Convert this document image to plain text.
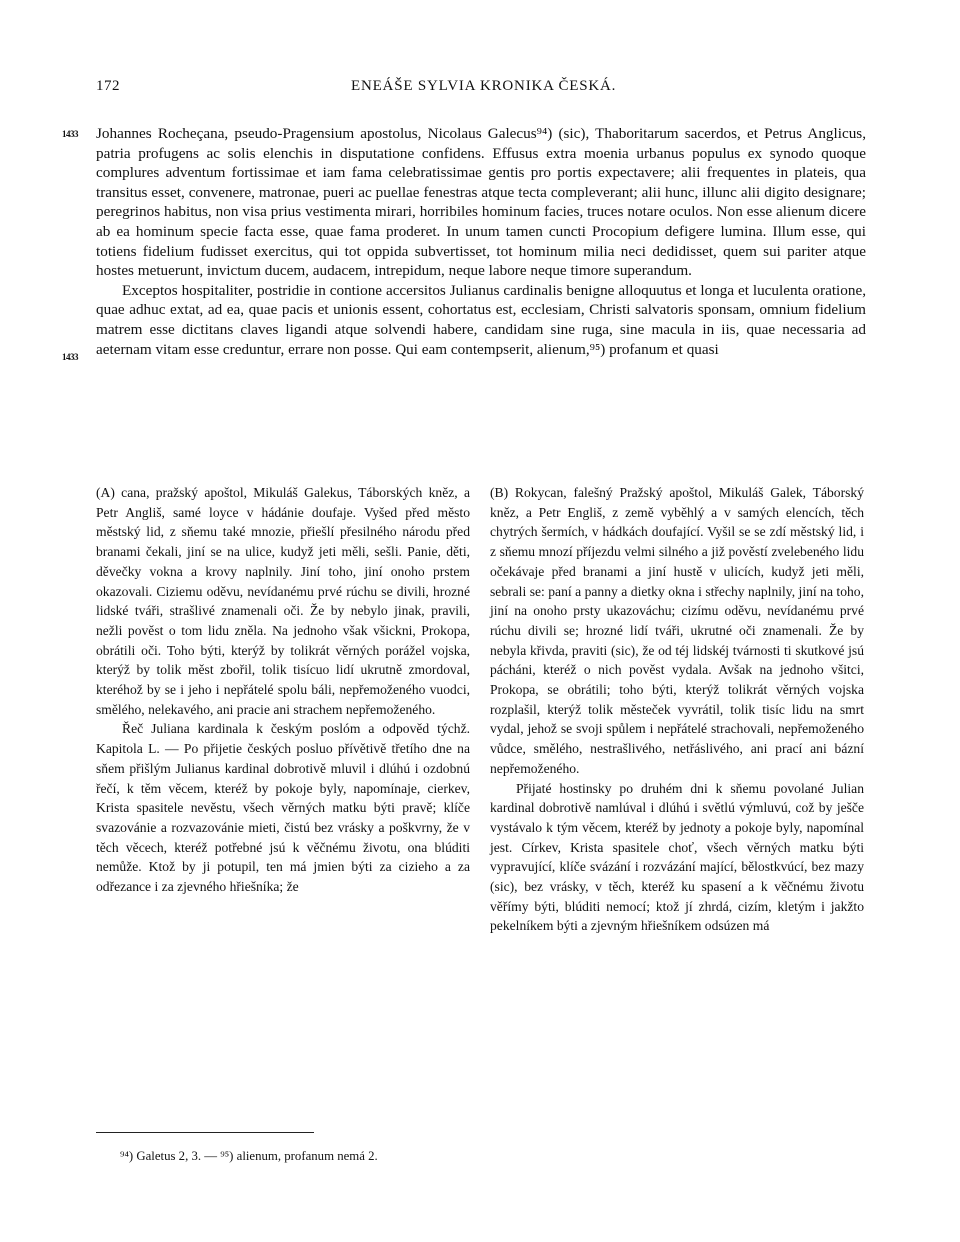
172	ENEÁŠE SYLVIA KRONIKA ČESKÁ.
1433
1433

Johannes Rocheçana, pseudo-Pragensium apostolus, Nicolaus Galecus⁹⁴) (sic), Thaboritarum sacerdos, et Petrus Anglicus, patria profugens ac solis elenchis in disputatione confidens. Effusus extra moenia urbanus populus ex synodo quoque complures adventum fortissimae et iam fama celebratissimae gentis pro portis expectavere; alii frequentes in plateis, qua transitus esset, convenere, matronae, pueri ac puellae fenestras atque tecta compleverant; alii hunc, illunc alii digito designare; peregrinos habitus, non visa prius vestimenta mirari, horribiles hominum facies, truces notare oculos. Non esse alienum dicere ab ea hominum specie facta esse, quae fama proderet. In unum tamen cuncti Procopium defigere lumina. Illum esse, qui totiens fidelium fudisset exercitus, qui tot oppida subvertisset, tot hominum milia neci dedidisset, quem sui pariter atque hostes metuerunt, invictum ducem, audacem, intrepidum, neque labore neque timore superandum.

Exceptos hospitaliter, postridie in contione accersitos Julianus cardinalis benigne alloquutus et longa et luculenta oratione, quae adhuc extat, ad ea, quae pacis et unionis essent, cohortatus est, ecclesiam, Christi salvatoris sponsam, omnium fidelium matrem esse dictitans claves ligandi atque solvendi habere, candidam sine ruga, sine macula in iis, quae necessaria ad aeternam vitam esse creduntur, errare non posse. Qui eam contempserit, alienum,⁹⁵) profanum et quasi

(A) cana, pražský apoštol, Mikuláš Galekus, Táborských kněz, a Petr Angliš, samé loyce v hádánie doufaje. Vyšed před město městský lid, z sňemu také mnozie, přiešlí přesilného národu před branami čekali, jiní se na ulice, kudyž jeti měli, sešli. Panie, děti, děvečky vokna a krovy naplnily. Jiní toho, jiní onoho prstem okazovali. Ciziemu oděvu, nevídanému prvé rúchu se divili, hrozné lidské tváři, strašlivé znamenali oči. Že by nebylo jinak, pravili, nežli pověst o tom lidu zněla. Na jednoho však všickni, Prokopa, obrátili oči. Toho býti, kterýž by tolikrát věrných porážel vojska, kterýž by tolik měst zbořil, tolik tisícuo lidí ukrutně zmordoval, kteréhož by se i jeho i nepřátelé spolu báli, nepřemoženého vuodci, smělého, nelekavého, ani pracie ani strachem nepřemoženého.

Řeč Juliana kardinala k českým poslóm a odpověd týchž. Kapitola L. — Po přijetie českých posluo přívětivě třetího dne na sňem přišlým Julianus kardinal dobrotivě mluvil i dlúhú i ozdobnú řečí, k těm věcem, kteréž by pokoje byly, napomínaje, cierkev, Krista spasitele nevěstu, všech věrných matku býti pravě; klíče svazovánie a rozvazovánie mieti, čistú bez vrásky a poškvrny, že v těch věcech, kteréž potřebné jsú k věčnému životu, ona blúditi nemůže. Ktož by ji potupil, ten má jmien býti za cizieho a za odřezance i za zjevného hřiešníka; že

(B) Rokycan, falešný Pražský apoštol, Mikuláš Galek, Táborský kněz, a Petr Engliš, z země vyběhlý a v samých elencích, těch chytrých šermích, v hádkách doufající. Vyšil se se zdí městský lid, i z sňemu mnozí příjezdu velmi silného a již pověstí zvelebeného lidu očekávaje před branami a jiní hustě v ulicích, kudyž jeti měli, sebrali se: paní a panny a dietky okna i střechy naplnily, jiní na toho, jiní na onoho prsty ukazováchu; cizímu oděvu, nevídanému prvé rúchu divili se; hrozné lidí tváři, ukrutné oči znamenali. Že by nebyla křivda, praviti (sic), že od téj lidskéj tvárnosti ti skutkové jsú pácháni, kteréž o nich pověst vydala. Avšak na jednoho všitci, Prokopa, se obrátili; toho býti, kterýž tolikrát věrných vojska rozplašil, kterýž tolik městeček vyvrátil, tolik tisíc lidu na smrt vydal, jehož se svoji spůlem i nepřátelé strachovali, nepřemoženého vůdce, smělého, nestrašlivého, netřáslivého, ani prací ani bázní nepřemoženého.

Přijaté hostinsky po druhém dni k sňemu povolané Julian kardinal dobrotivě namlúval i dlúhú i světlú výmluvú, což by ješče vystávalo k tým věcem, kteréž by jednoty a pokoje byly, napomínal jest. Církev, Krista spasitele choť, všech věrných matku býti vypravující, klíče svázání i rozvázání mající, bělostkvúcí, bez mazy (sic), bez vrásky, v těch, kteréž ku spasení a k věčnému životu věřímy býti, blúditi nemocí; ktož jí zhrdá, cizím, kletým i jakžto pekelníkem býti a zjevným hřiešníkem odsúzen má

⁹⁴) Galetus 2, 3. — ⁹⁵) alienum, profanum nemá 2.
